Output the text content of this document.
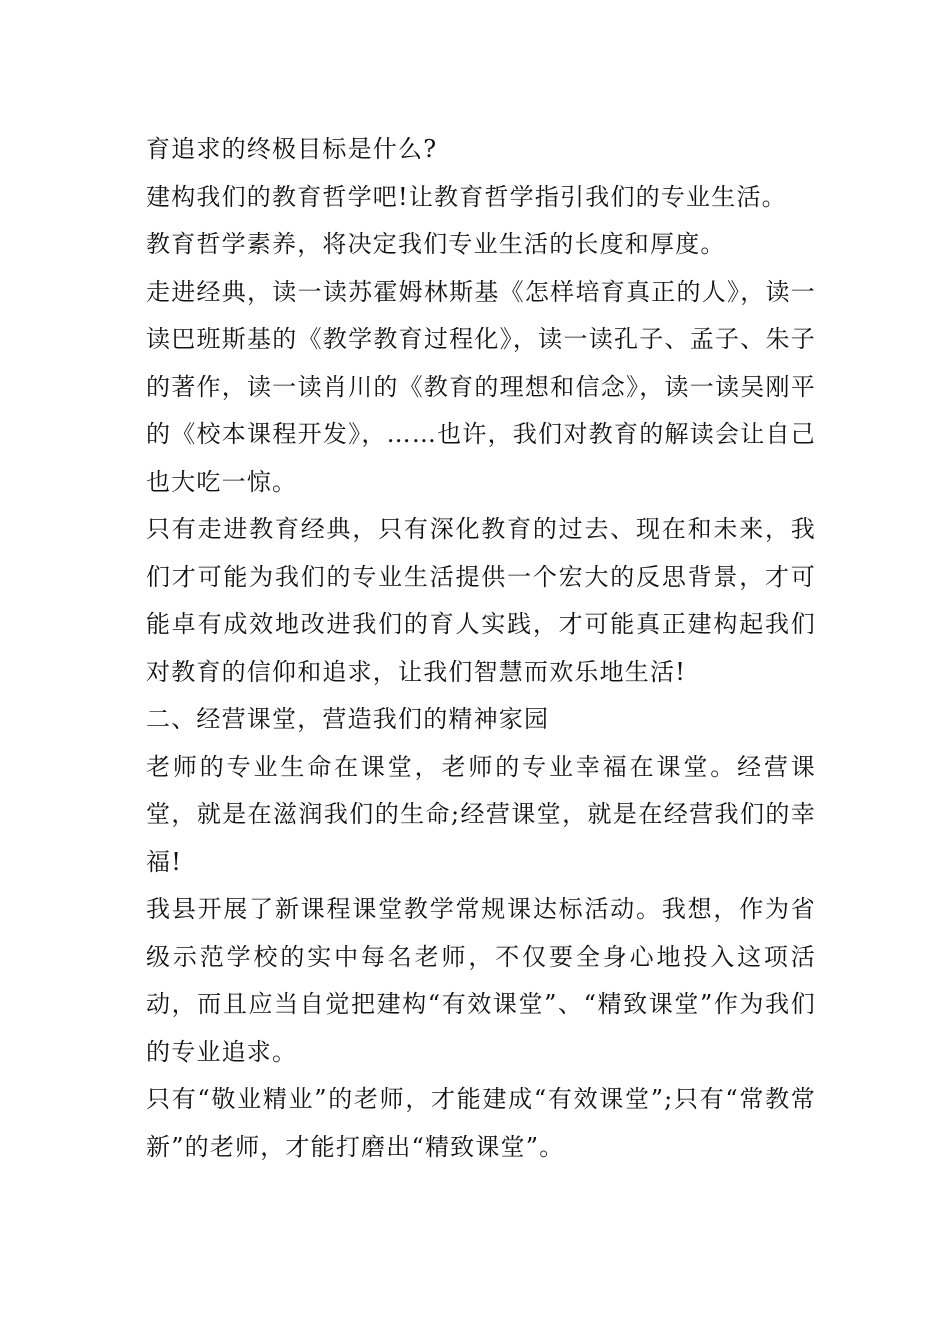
育追求的终极目标是什么?

建构我们的教育哲学吧!让教育哲学指引我们的专业生活。

教育哲学素养，将决定我们专业生活的长度和厚度。

走进经典，读一读苏霍姆林斯基《怎样培育真正的人》，读一读巴班斯基的《教学教育过程化》，读一读孔子、孟子、朱子的著作，读一读肖川的《教育的理想和信念》，读一读吴刚平的《校本课程开发》，……也许，我们对教育的解读会让自己也大吃一惊。

只有走进教育经典，只有深化教育的过去、现在和未来，我们才可能为我们的专业生活提供一个宏大的反思背景，才可能卓有成效地改进我们的育人实践，才可能真正建构起我们对教育的信仰和追求，让我们智慧而欢乐地生活!

二、经营课堂，营造我们的精神家园

老师的专业生命在课堂，老师的专业幸福在课堂。经营课堂，就是在滋润我们的生命;经营课堂，就是在经营我们的幸福!

我县开展了新课程课堂教学常规课达标活动。我想，作为省级示范学校的实中每名老师，不仅要全身心地投入这项活动，而且应当自觉把建构“有效课堂”、“精致课堂”作为我们的专业追求。

只有“敬业精业”的老师，才能建成“有效课堂”;只有“常教常新”的老师，才能打磨出“精致课堂”。
